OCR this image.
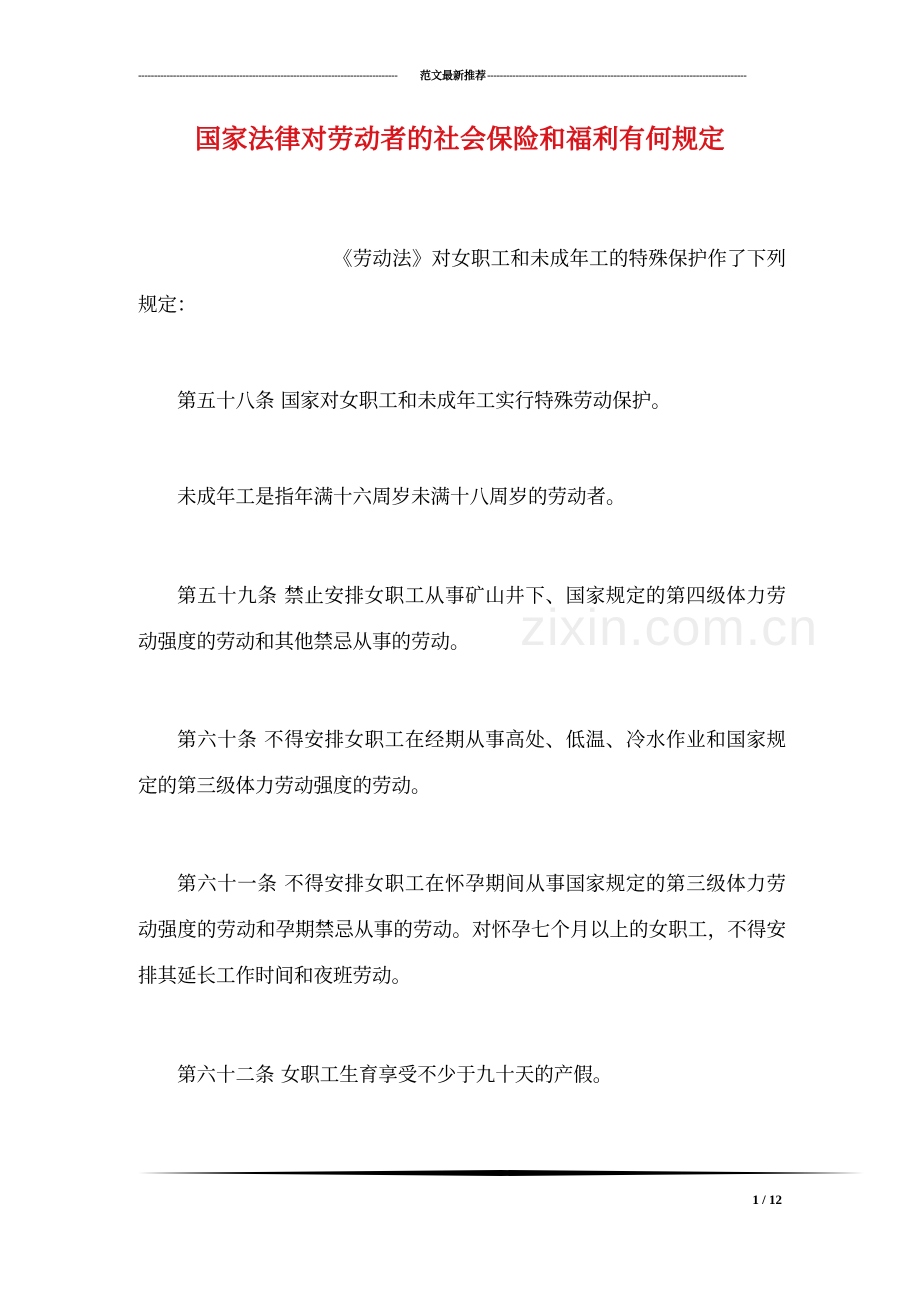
----------------------------------------------------------------------------------	范文最新推荐 ----------------------------------------------------------------------------------
国家法律对劳动者的社会保险和福利有何规定
zixin.com.cn

《劳动法》对女职工和未成年工的特殊保护作了下列规定：

第五十八条 国家对女职工和未成年工实行特殊劳动保护。

未成年工是指年满十六周岁未满十八周岁的劳动者。

第五十九条 禁止安排女职工从事矿山井下、国家规定的第四级体力劳动强度的劳动和其他禁忌从事的劳动。

第六十条 不得安排女职工在经期从事高处、低温、冷水作业和国家规定的第三级体力劳动强度的劳动。

第六十一条 不得安排女职工在怀孕期间从事国家规定的第三级体力劳动强度的劳动和孕期禁忌从事的劳动。对怀孕七个月以上的女职工，不得安排其延长工作时间和夜班劳动。

第六十二条 女职工生育享受不少于九十天的产假。

1 / 12
